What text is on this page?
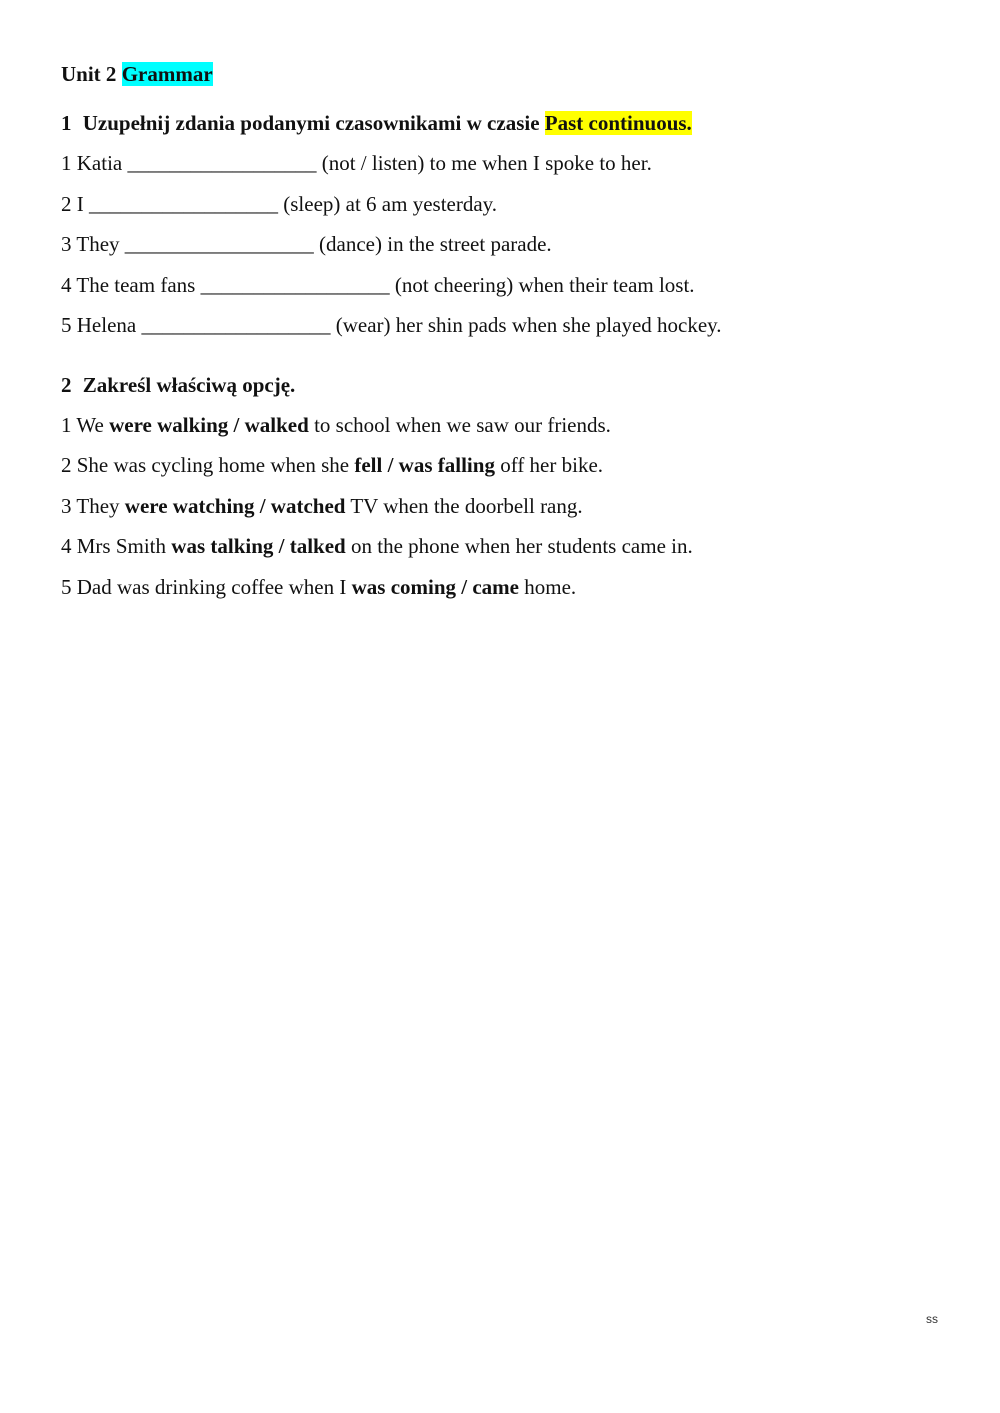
Unit 2 Grammar
1 Uzupełnij zdania podanymi czasownikami w czasie Past continuous.
1 Katia __________________ (not / listen) to me when I spoke to her.
2 I __________________ (sleep) at 6 am yesterday.
3 They __________________ (dance) in the street parade.
4 The team fans __________________ (not cheering) when their team lost.
5 Helena __________________ (wear) her shin pads when she played hockey.
2 Zakreśl właściwą opcję.
1 We were walking / walked to school when we saw our friends.
2 She was cycling home when she fell / was falling off her bike.
3 They were watching / watched TV when the doorbell rang.
4 Mrs Smith was talking / talked on the phone when her students came in.
5 Dad was drinking coffee when I was coming / came home.
ss
